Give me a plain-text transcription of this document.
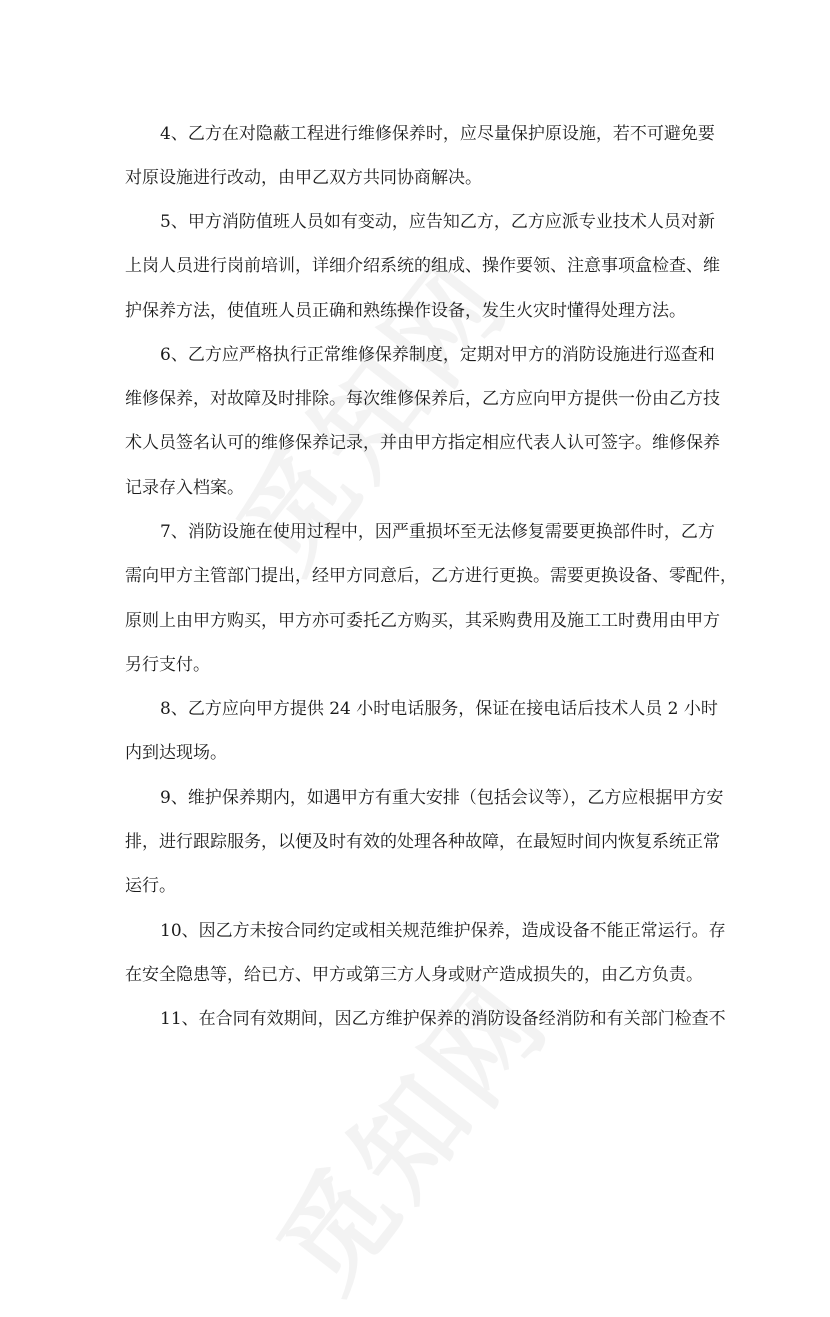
4、乙方在对隐蔽工程进行维修保养时，应尽量保护原设施，若不可避免要
对原设施进行改动，由甲乙双方共同协商解决。
5、甲方消防值班人员如有变动，应告知乙方，乙方应派专业技术人员对新
上岗人员进行岗前培训，详细介绍系统的组成、操作要领、注意事项盒检查、维
护保养方法，使值班人员正确和熟练操作设备，发生火灾时懂得处理方法。
6、乙方应严格执行正常维修保养制度，定期对甲方的消防设施进行巡查和
维修保养，对故障及时排除。每次维修保养后，乙方应向甲方提供一份由乙方技
术人员签名认可的维修保养记录，并由甲方指定相应代表人认可签字。维修保养
记录存入档案。
7、消防设施在使用过程中，因严重损坏至无法修复需要更换部件时，乙方
需向甲方主管部门提出，经甲方同意后，乙方进行更换。需要更换设备、零配件，
原则上由甲方购买，甲方亦可委托乙方购买，其采购费用及施工工时费用由甲方
另行支付。
8、乙方应向甲方提供 24 小时电话服务，保证在接电话后技术人员 2 小时
内到达现场。
9、维护保养期内，如遇甲方有重大安排（包括会议等），乙方应根据甲方安
排，进行跟踪服务，以便及时有效的处理各种故障，在最短时间内恢复系统正常
运行。
10、因乙方未按合同约定或相关规范维护保养，造成设备不能正常运行。存
在安全隐患等，给已方、甲方或第三方人身或财产造成损失的，由乙方负责。
11、在合同有效期间，因乙方维护保养的消防设备经消防和有关部门检查不
